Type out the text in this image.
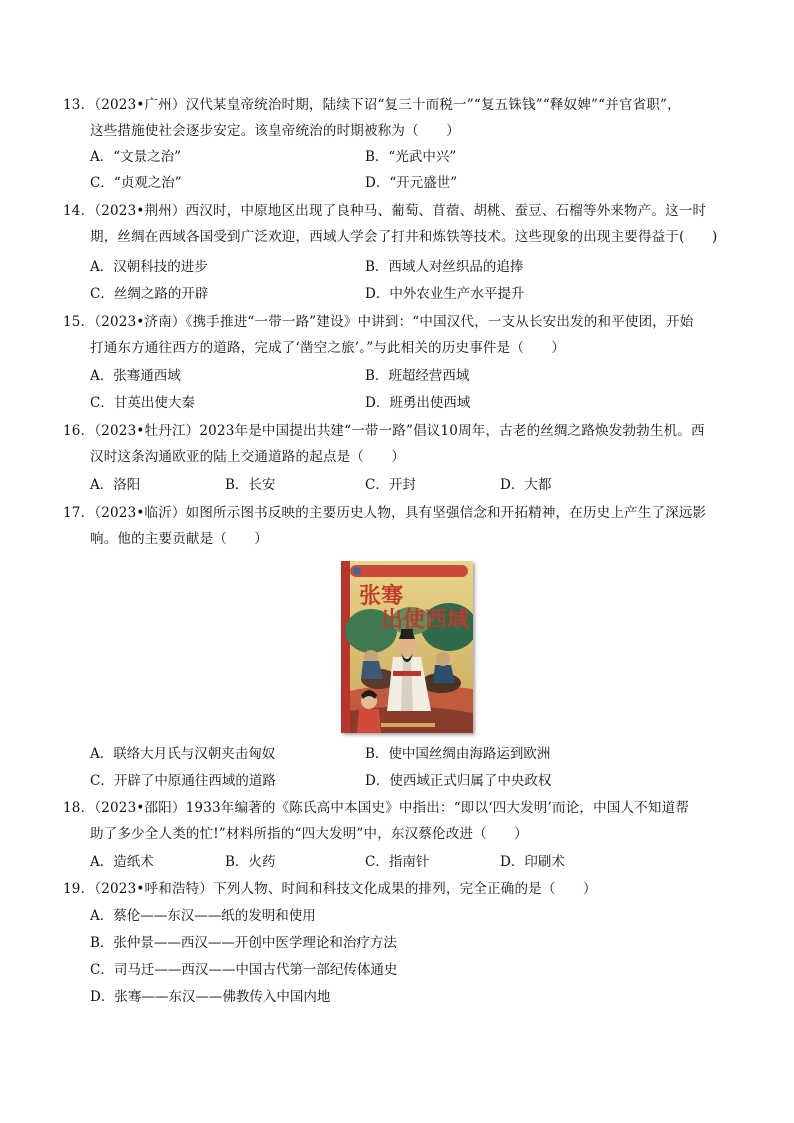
13．（2023•广州）汉代某皇帝统治时期，陆续下诏“复三十而税一”“复五铢钱”“释奴婢”“并官省职”，
这些措施使社会逐步安定。该皇帝统治的时期被称为（　　）
A．“文景之治”	B．“光武中兴”
C．“贞观之治”	D．“开元盛世”
14．（2023•荆州）西汉时，中原地区出现了良种马、葡萄、苜蓿、胡桃、蚕豆、石榴等外来物产。这一时
期，丝绸在西域各国受到广泛欢迎，西域人学会了打井和炼铁等技术。这些现象的出现主要得益于(　　)
A．汉朝科技的进步	B．西域人对丝织品的追捧
C．丝绸之路的开辟	D．中外农业生产水平提升
15．（2023•济南）《携手推进“一带一路”建设》中讲到：“中国汉代，一支从长安出发的和平使团，开始
打通东方通往西方的道路，完成了‘凿空之旅’。”与此相关的历史事件是（　　）
A．张骞通西域	B．班超经营西域
C．甘英出使大秦	D．班勇出使西域
16．（2023•牡丹江）2023年是中国提出共建“一带一路”倡议10周年，古老的丝绸之路焕发勃勃生机。西
汉时这条沟通欧亚的陆上交通道路的起点是（　　）
A．洛阳	B．长安	C．开封	D．大都
17．（2023•临沂）如图所示图书反映的主要历史人物，具有坚强信念和开拓精神，在历史上产生了深远影
响。他的主要贡献是（　　）
张骞
出使西域
A．联络大月氏与汉朝夹击匈奴	B．使中国丝绸由海路运到欧洲
C．开辟了中原通往西域的道路	D．使西域正式归属了中央政权
18．（2023•邵阳）1933年编著的《陈氏高中本国史》中指出：“即以‘四大发明’而论，中国人不知道帮
助了多少全人类的忙!”材料所指的“四大发明”中，东汉蔡伦改进（　　）
A．造纸术	B．火药	C．指南针	D．印刷术
19．（2023•呼和浩特）下列人物、时间和科技文化成果的排列，完全正确的是（　　）
A．蔡伦——东汉——纸的发明和使用
B．张仲景——西汉——开创中医学理论和治疗方法
C．司马迁——西汉——中国古代第一部纪传体通史
D．张骞——东汉——佛教传入中国内地
